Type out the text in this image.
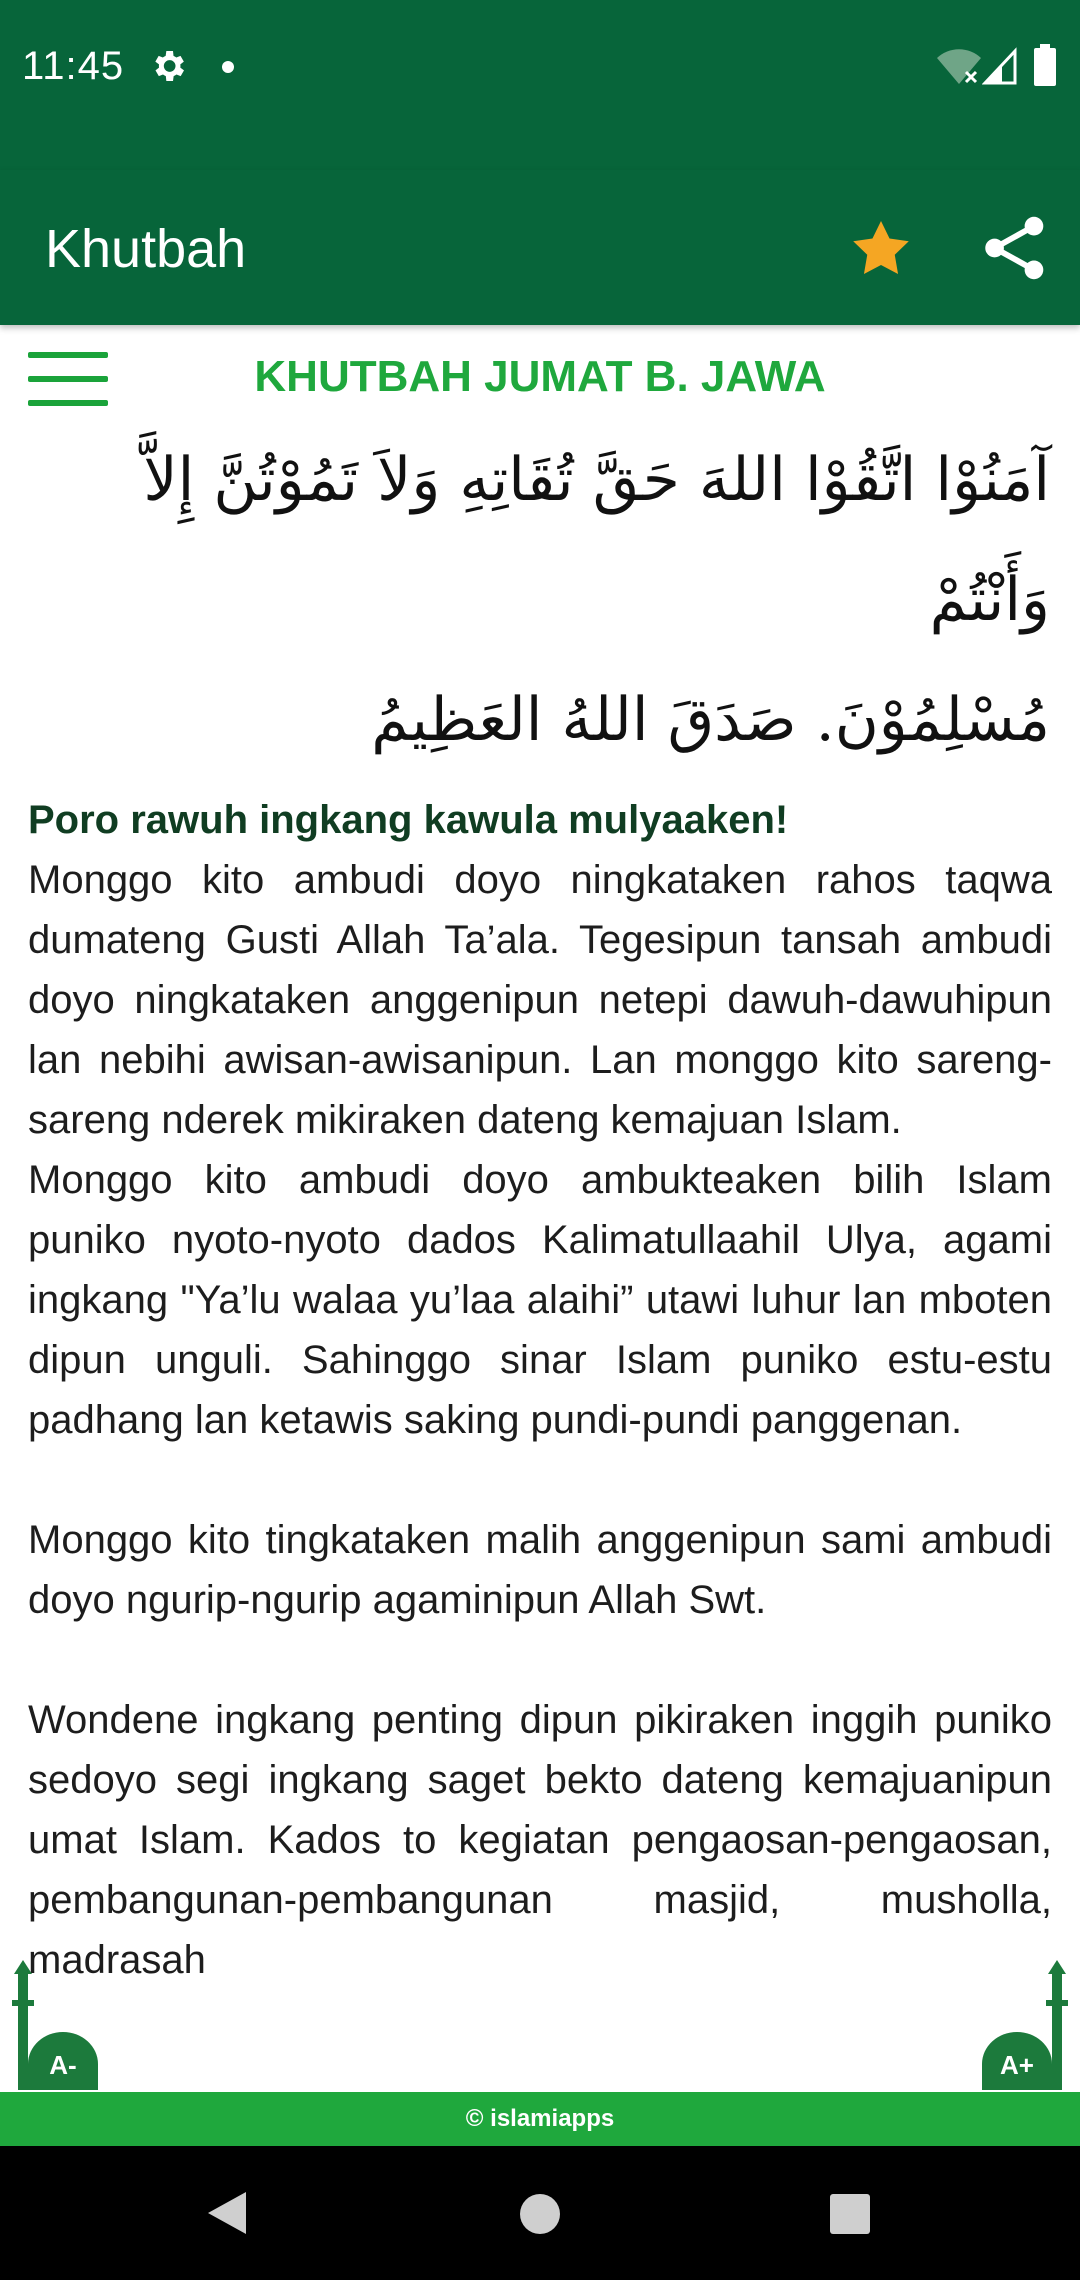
11:45
Khutbah
KHUTBAH JUMAT B. JAWA
آمَنُوْا اتَّقُوْا اللهَ حَقَّ تُقَاتِهِ وَلاَ تَمُوْتُنَّ إِلاَّ وَأَنْتُمْ
مُسْلِمُوْنَ. صَدَقَ اللهُ العَظِيمُ

Poro rawuh ingkang kawula mulyaaken!

Monggo kito ambudi doyo ningkataken rahos taqwa dumateng Gusti Allah Ta’ala. Tegesipun tansah ambudi doyo ningkataken anggenipun netepi dawuh-dawuhipun lan nebihi awisan-awisanipun. Lan monggo kito sareng-sareng nderek mikiraken dateng kemajuan Islam.

Monggo kito ambudi doyo ambukteaken bilih Islam puniko nyoto-nyoto dados Kalimatullaahil Ulya, agami ingkang "Ya’lu walaa yu’laa alaihi” utawi luhur lan mboten dipun unguli. Sahinggo sinar Islam puniko estu-estu padhang lan ketawis saking pundi-pundi panggenan.

Monggo kito tingkataken malih anggenipun sami ambudi doyo ngurip-ngurip agaminipun Allah Swt.

Wondene ingkang penting dipun pikiraken inggih puniko sedoyo segi ingkang saget bekto dateng kemajuanipun umat Islam. Kados to kegiatan pengaosan-pengaosan, pembangunan-pembangunan masjid, musholla, madrasah

A-	A+
© islamiapps
